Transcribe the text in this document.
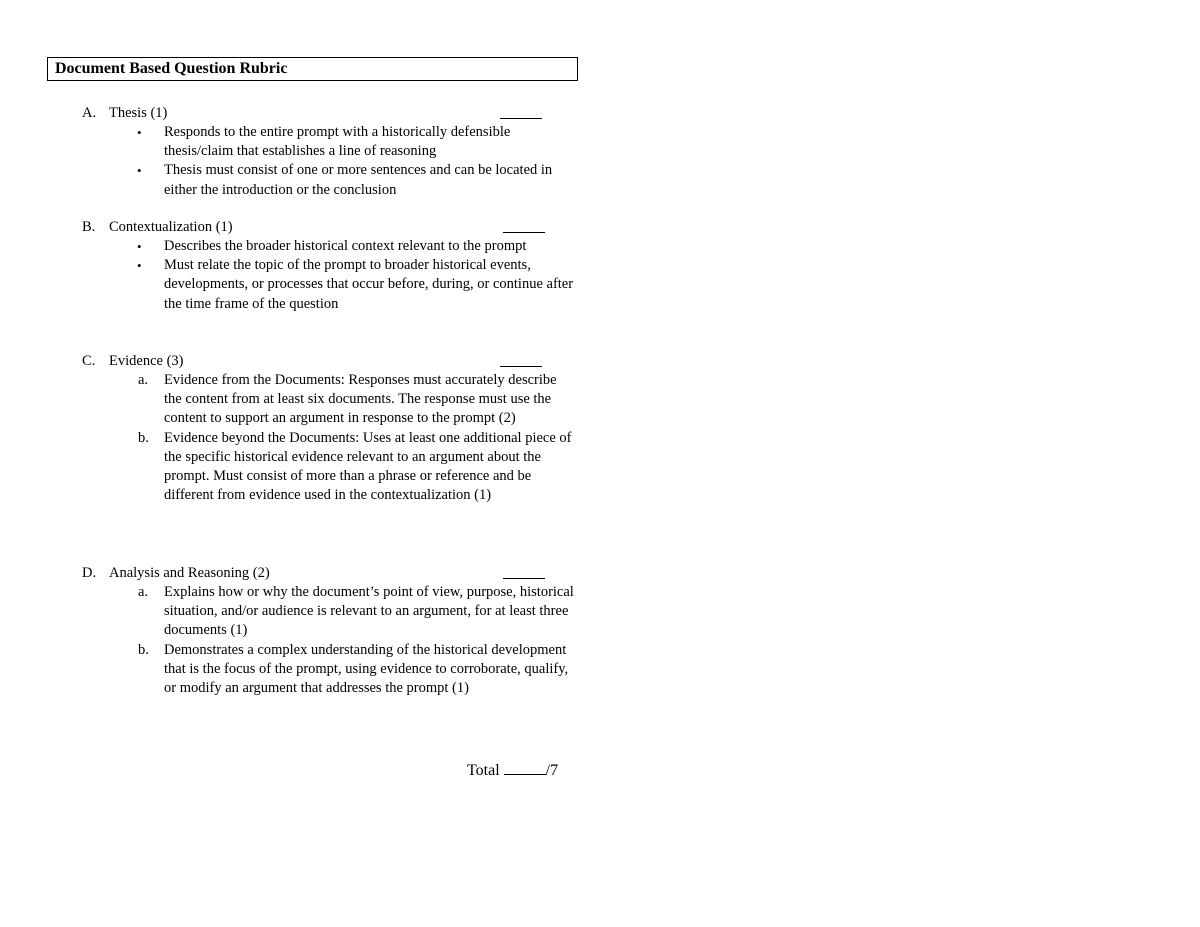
Document Based Question Rubric
A. Thesis (1)
• Responds to the entire prompt with a historically defensible thesis/claim that establishes a line of reasoning
• Thesis must consist of one or more sentences and can be located in either the introduction or the conclusion
B. Contextualization (1)
• Describes the broader historical context relevant to the prompt
• Must relate the topic of the prompt to broader historical events, developments, or processes that occur before, during, or continue after the time frame of the question
C. Evidence (3)
a. Evidence from the Documents: Responses must accurately describe the content from at least six documents. The response must use the content to support an argument in response to the prompt (2)
b. Evidence beyond the Documents: Uses at least one additional piece of the specific historical evidence relevant to an argument about the prompt. Must consist of more than a phrase or reference and be different from evidence used in the contextualization (1)
D. Analysis and Reasoning (2)
a. Explains how or why the document’s point of view, purpose, historical situation, and/or audience is relevant to an argument, for at least three documents (1)
b. Demonstrates a complex understanding of the historical development that is the focus of the prompt, using evidence to corroborate, qualify, or modify an argument that addresses the prompt (1)
Total	/7
